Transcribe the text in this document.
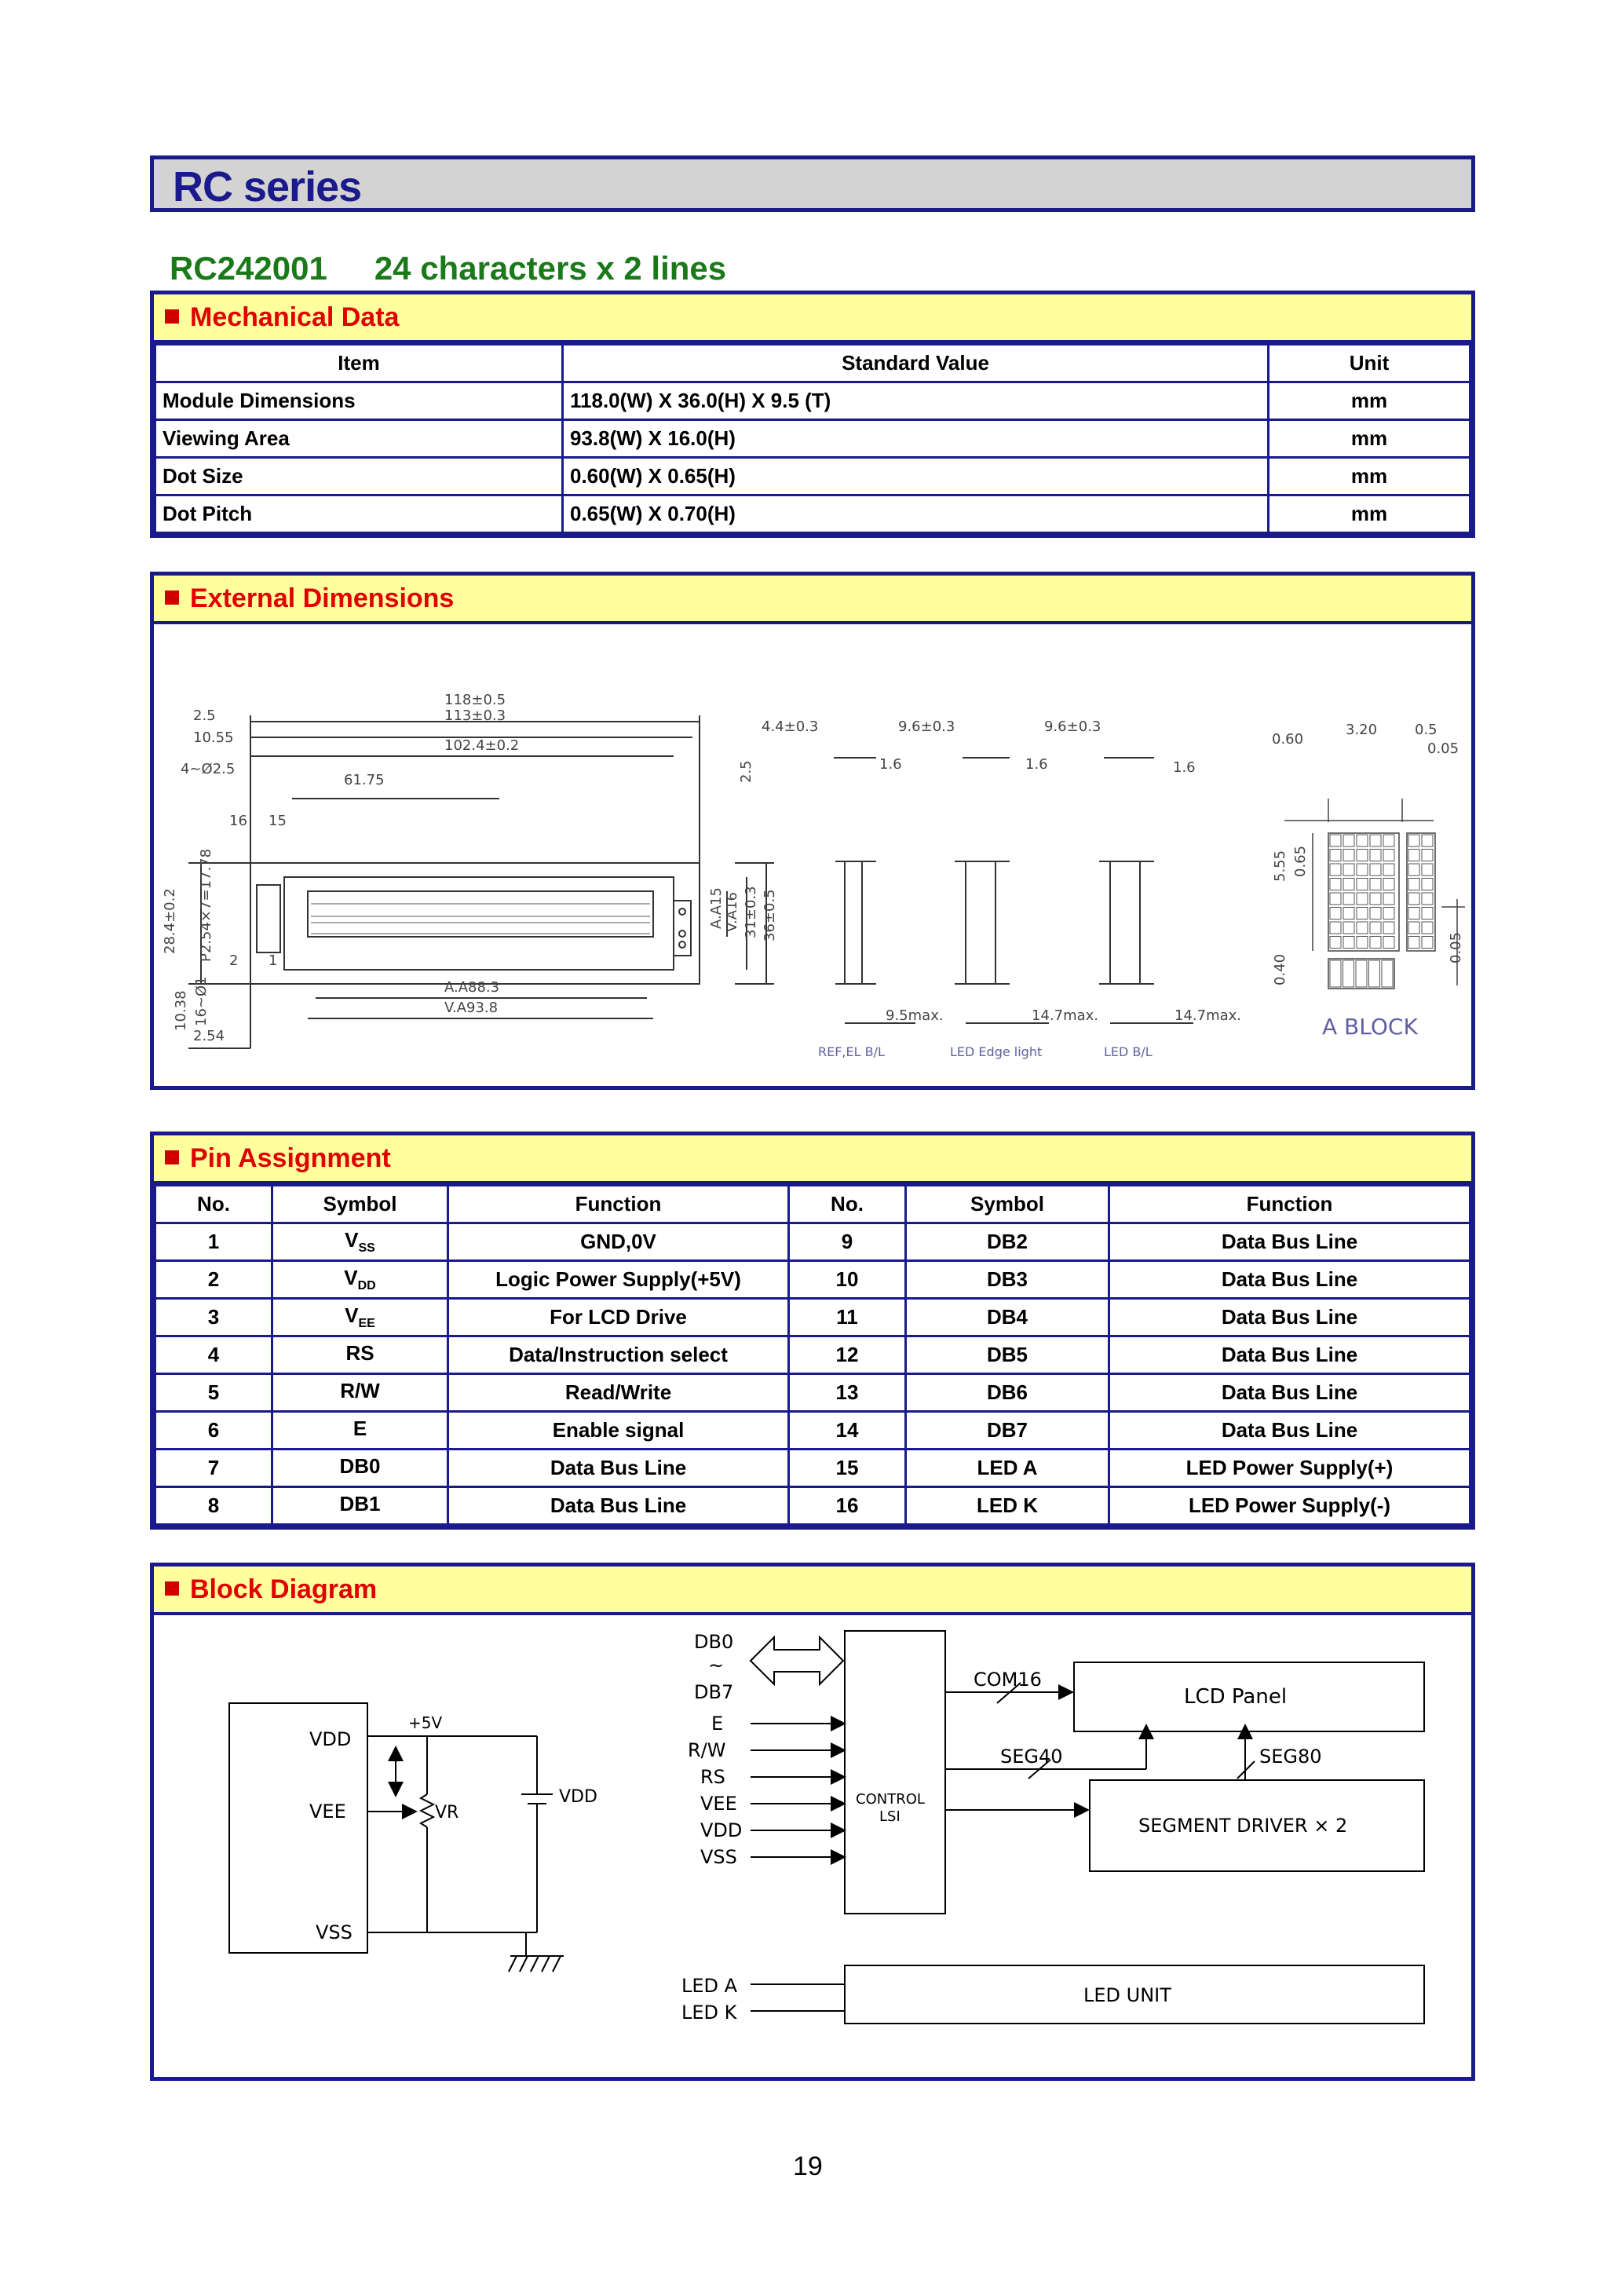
RC series
RC242001 24 characters x 2 lines
Mechanical Data
Item	Standard Value	Unit
Module Dimensions	118.0(W) X 36.0(H) X 9.5 (T)	mm
Viewing Area	93.8(W) X 16.0(H)	mm
Dot Size	0.60(W) X 0.65(H)	mm
Dot Pitch	0.65(W) X 0.70(H)	mm
External Dimensions
118±0.5
113±0.3
2.5
10.55	102.4±0.2
61.75
4~Ø2.5
16 15
2 1
A.A88.3
V.A93.8
2.54
28.4±0.2 P2.54×7=17.78
10.38 16~Ø1
2.5
A.A15 V.A16 31±0.3 36±0.5
4.4±0.3	9.6±0.3	9.6±0.3
1.6	1.6	1.6
9.5max.	14.7max.	14.7max.
0.60
3.20	0.5
0.05
5.55 0.65
0.40
0.05
REF,EL B/L	LED Edge light	LED B/L
A BLOCK
Pin Assignment
No.	Symbol	Function	No.	Symbol	Function
1	$V_{SS}$	GND,0V	9	DB2	Data Bus Line
2	$V_{DD}$	Logic Power Supply(+5V)	10	DB3	Data Bus Line
3	$V_{EE}$	For LCD Drive	11	DB4	Data Bus Line
4	RS	Data/Instruction select	12	DB5	Data Bus Line
5	R/W	Read/Write	13	DB6	Data Bus Line
6	E	Enable signal	14	DB7	Data Bus Line
7	DB0	Data Bus Line	15	LED A	LED Power Supply(+)
8	DB1	Data Bus Line	16	LED K	LED Power Supply(-)
Block Diagram
VDD
VEE
VSS
+5V
VR
VDD
DB0
~
DB7
E
R/W
RS
VEE
VDD
VSS
LED A
LED K
CONTROL
LSI
COM16
SEG40	SEG80
LCD Panel
SEGMENT DRIVER × 2
LED UNIT
19
